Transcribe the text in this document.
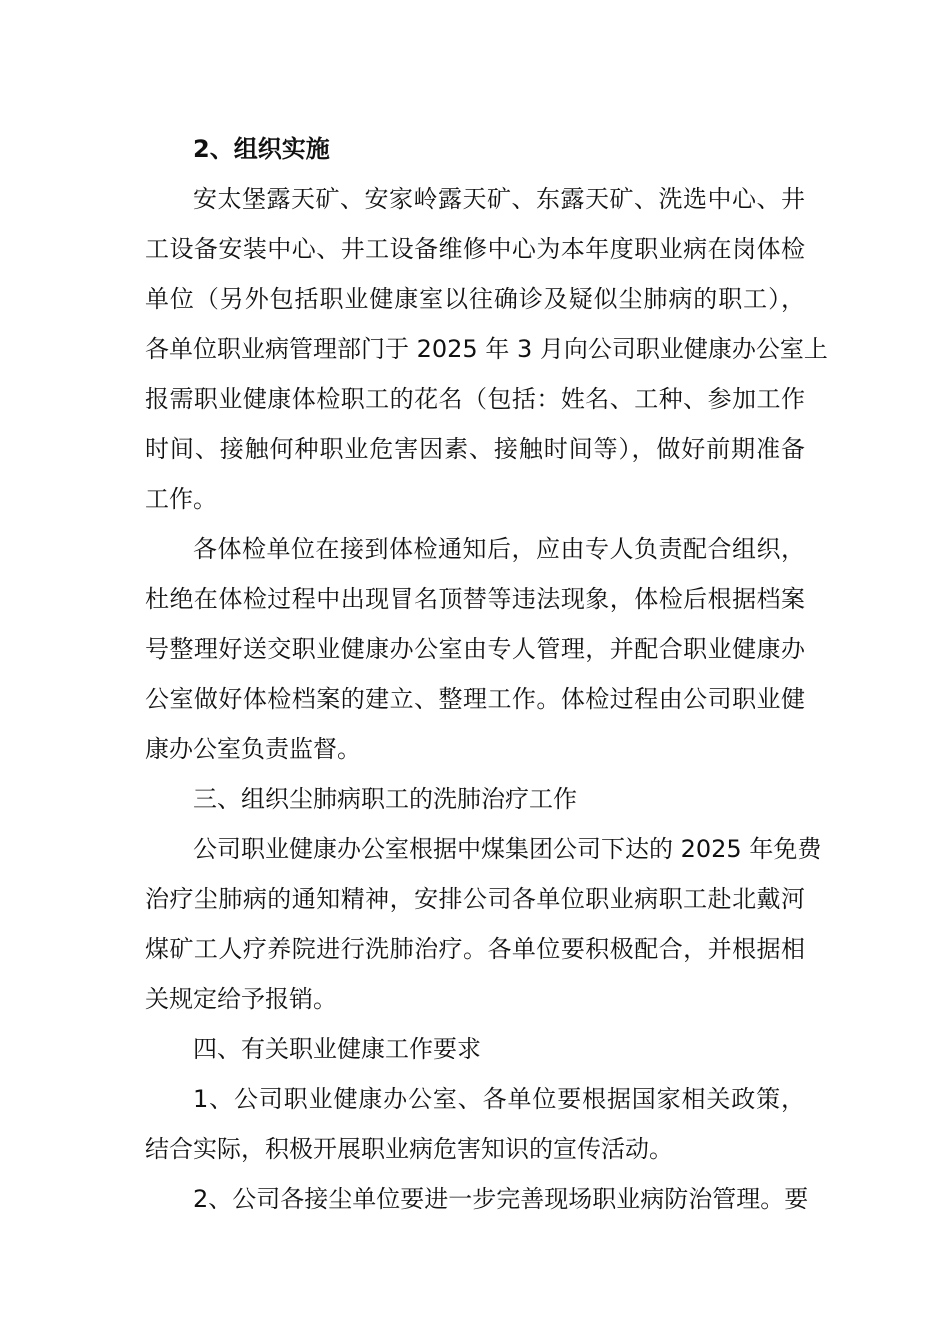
2、组织实施
安太堡露天矿、安家岭露天矿、东露天矿、洗选中心、井
工设备安装中心、井工设备维修中心为本年度职业病在岗体检
单位（另外包括职业健康室以往确诊及疑似尘肺病的职工），
各单位职业病管理部门于 2025 年 3 月向公司职业健康办公室上
报需职业健康体检职工的花名（包括：姓名、工种、参加工作
时间、接触何种职业危害因素、接触时间等），做好前期准备
工作。
各体检单位在接到体检通知后，应由专人负责配合组织，
杜绝在体检过程中出现冒名顶替等违法现象，体检后根据档案
号整理好送交职业健康办公室由专人管理，并配合职业健康办
公室做好体检档案的建立、整理工作。体检过程由公司职业健
康办公室负责监督。
三、组织尘肺病职工的洗肺治疗工作
公司职业健康办公室根据中煤集团公司下达的 2025 年免费
治疗尘肺病的通知精神，安排公司各单位职业病职工赴北戴河
煤矿工人疗养院进行洗肺治疗。各单位要积极配合，并根据相
关规定给予报销。
四、有关职业健康工作要求
1、公司职业健康办公室、各单位要根据国家相关政策，
结合实际，积极开展职业病危害知识的宣传活动。
2、公司各接尘单位要进一步完善现场职业病防治管理。要
